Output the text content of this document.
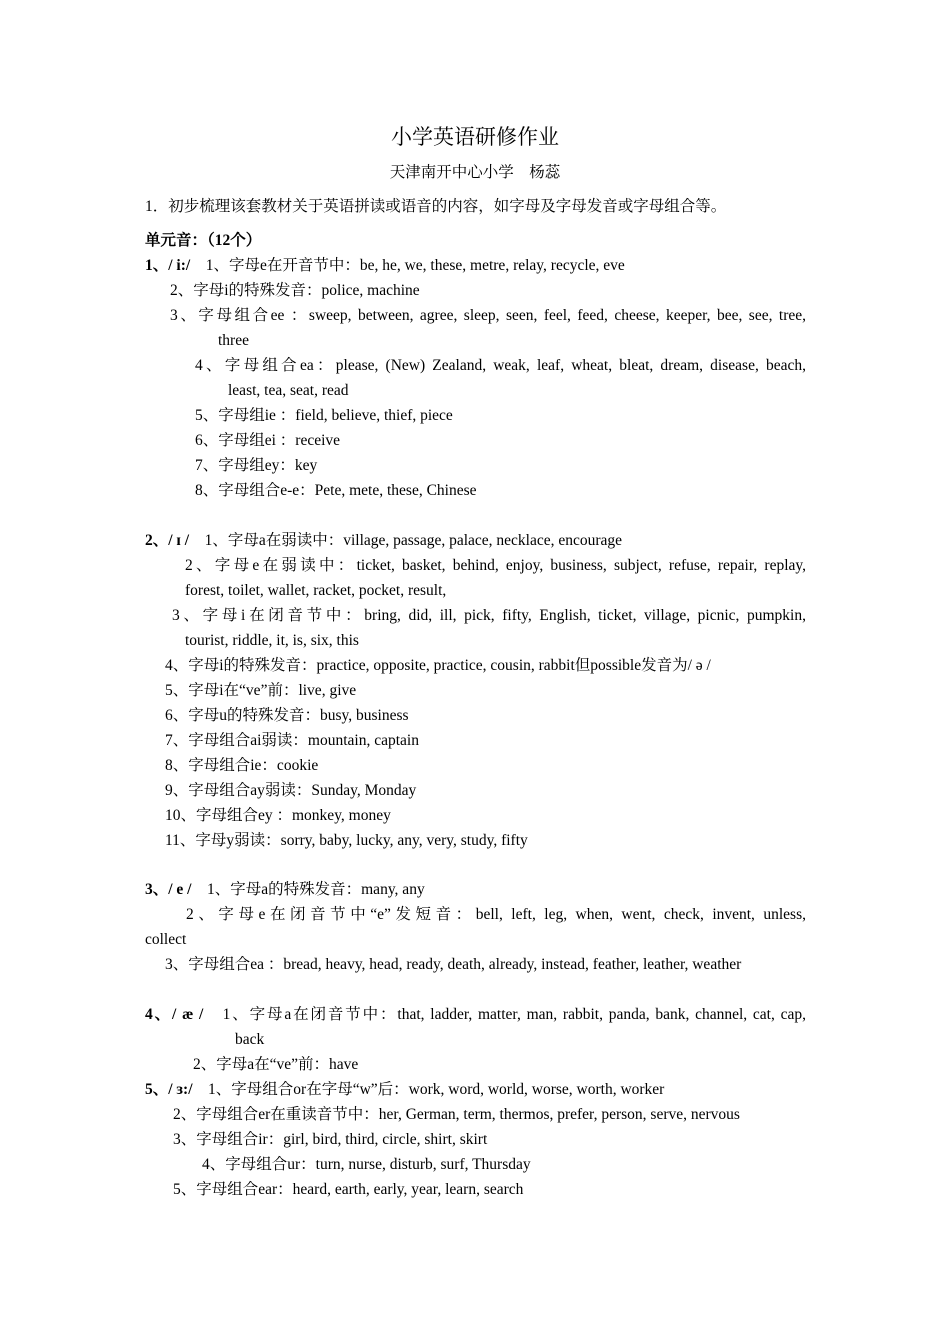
小学英语研修作业
天津南开中心小学　杨蕊
1．初步梳理该套教材关于英语拼读或语音的内容，如字母及字母发音或字母组合等。
单元音：（12个）
1、/ i:/　1、字母e在开音节中：be, he, we, these, metre, relay, recycle, eve
2、字母i的特殊发音：police, machine
3、字母组合ee ：sweep, between, agree, sleep, seen, feel, feed, cheese, keeper, bee, see, tree,
three
4、字母组合ea：please, (New) Zealand, weak, leaf, wheat, bleat, dream, disease, beach,
least, tea, seat, read
5、字母组ie ：field, believe, thief, piece
6、字母组ei ：receive
7、字母组ey：key
8、字母组合e-e：Pete, mete, these, Chinese
2、/ ɪ /　1、字母a在弱读中：village, passage, palace, necklace, encourage
2、字母e在弱读中：ticket, basket, behind, enjoy, business, subject, refuse, repair, replay,
forest, toilet, wallet, racket, pocket, result,
3、字母i在闭音节中：bring, did, ill, pick, fifty, English, ticket, village, picnic, pumpkin,
tourist, riddle, it, is, six, this
4、字母i的特殊发音：practice, opposite, practice, cousin, rabbit但possible发音为/ ə /
5、字母i在“ve”前：live, give
6、字母u的特殊发音：busy, business
7、字母组合ai弱读：mountain, captain
8、字母组合ie：cookie
9、字母组合ay弱读：Sunday, Monday
10、字母组合ey ：monkey, money
11、字母y弱读：sorry, baby, lucky, any, very, study, fifty
3、/ e /　1、字母a的特殊发音：many, any
2、字母e在闭音节中“e”发短音：bell, left, leg, when, went, check, invent, unless,
collect
3、字母组合ea ：bread, heavy, head, ready, death, already, instead, feather, leather, weather
4、/ æ /　1、字母a在闭音节中：that, ladder, matter, man, rabbit, panda, bank, channel, cat, cap,
back
2、字母a在“ve”前：have
5、/ ɜ:/　1、字母组合or在字母“w”后：work, word, world, worse, worth, worker
2、字母组合er在重读音节中：her, German, term, thermos, prefer, person, serve, nervous
3、字母组合ir：girl, bird, third, circle, shirt, skirt
4、字母组合ur：turn, nurse, disturb, surf, Thursday
5、字母组合ear：heard, earth, early, year, learn, search
